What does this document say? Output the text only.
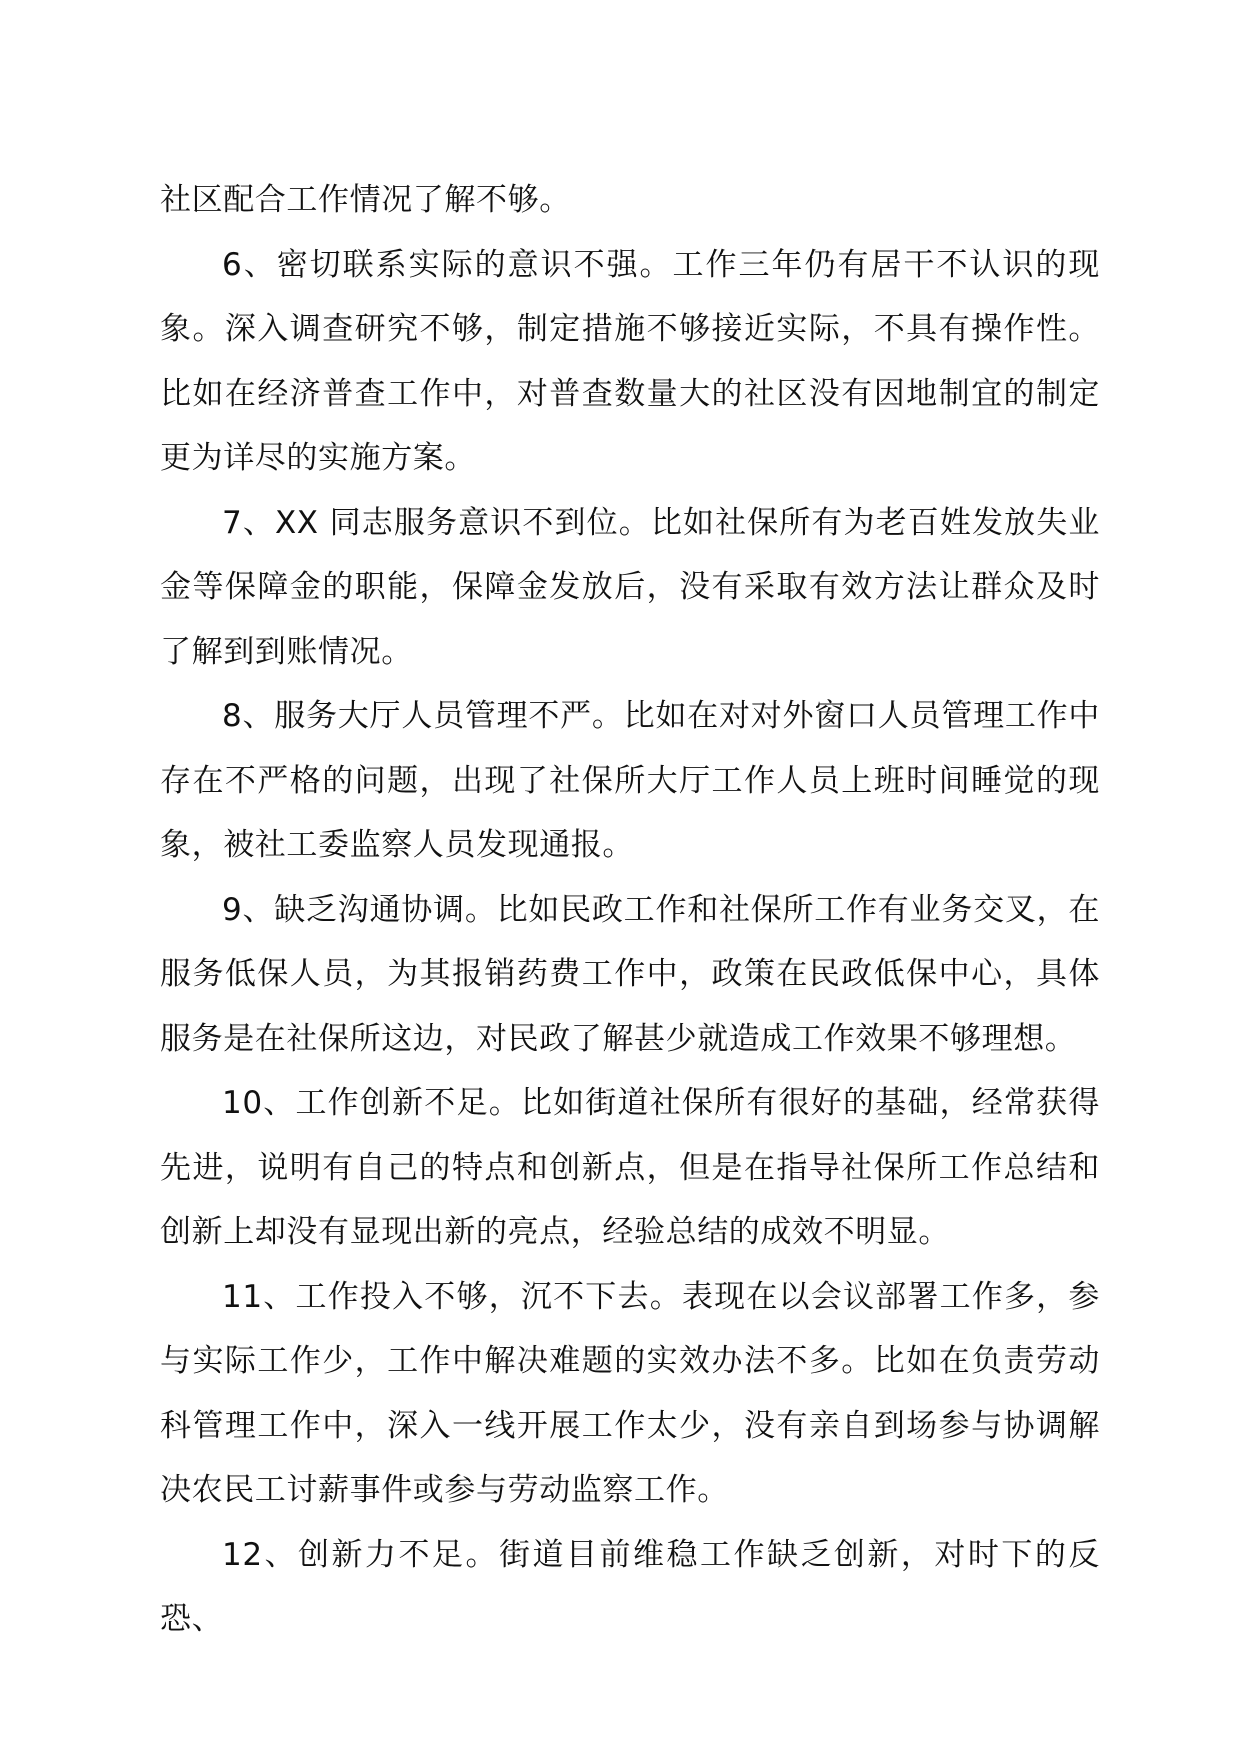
社区配合工作情况了解不够。

6、密切联系实际的意识不强。工作三年仍有居干不认识的现象。深入调查研究不够，制定措施不够接近实际，不具有操作性。比如在经济普查工作中，对普查数量大的社区没有因地制宜的制定更为详尽的实施方案。

7、XX 同志服务意识不到位。比如社保所有为老百姓发放失业金等保障金的职能，保障金发放后，没有采取有效方法让群众及时了解到到账情况。

8、服务大厅人员管理不严。比如在对对外窗口人员管理工作中存在不严格的问题，出现了社保所大厅工作人员上班时间睡觉的现象，被社工委监察人员发现通报。

9、缺乏沟通协调。比如民政工作和社保所工作有业务交叉，在服务低保人员，为其报销药费工作中，政策在民政低保中心，具体服务是在社保所这边，对民政了解甚少就造成工作效果不够理想。

10、工作创新不足。比如街道社保所有很好的基础，经常获得先进，说明有自己的特点和创新点，但是在指导社保所工作总结和创新上却没有显现出新的亮点，经验总结的成效不明显。

11、工作投入不够，沉不下去。表现在以会议部署工作多，参与实际工作少，工作中解决难题的实效办法不多。比如在负责劳动科管理工作中，深入一线开展工作太少，没有亲自到场参与协调解决农民工讨薪事件或参与劳动监察工作。

12、创新力不足。街道目前维稳工作缺乏创新，对时下的反恐、
